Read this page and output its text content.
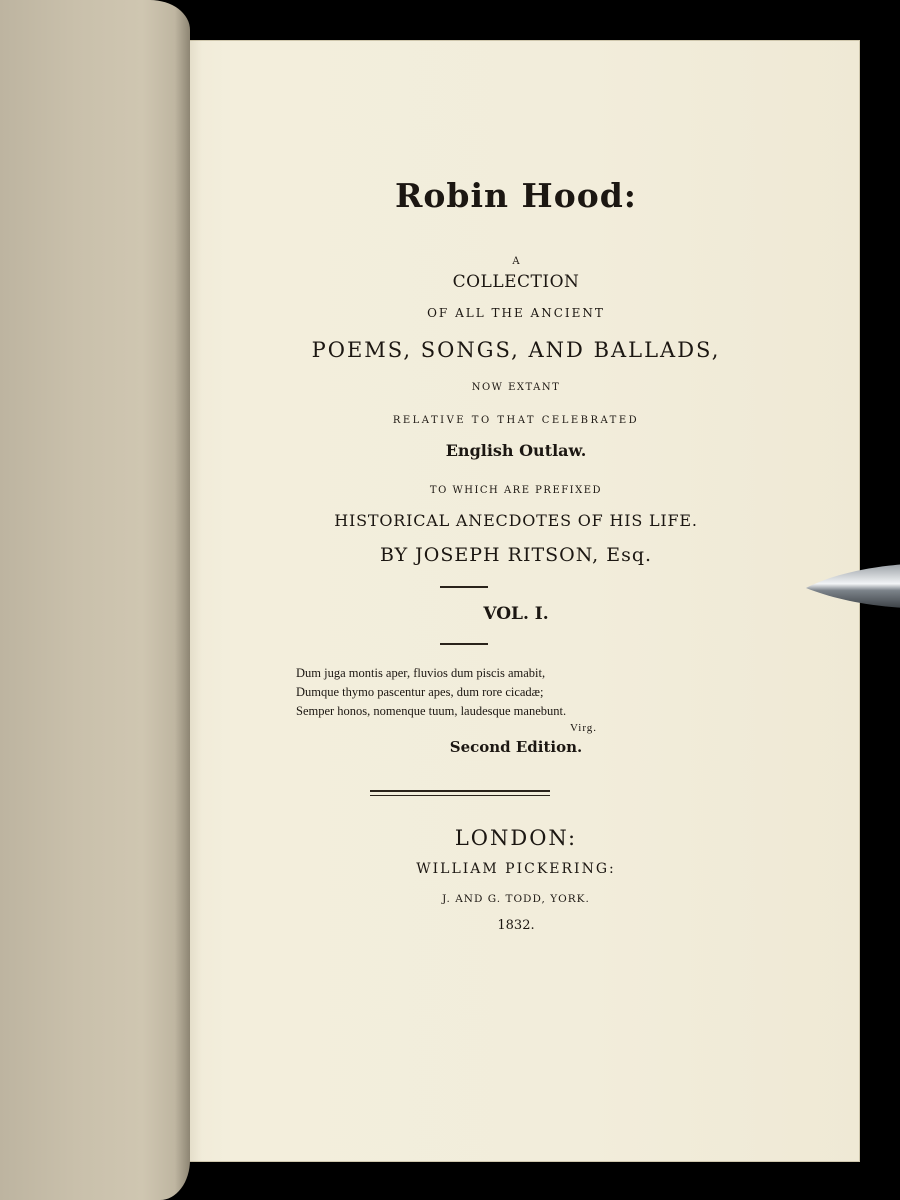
Robin Hood:
A
COLLECTION
OF ALL THE ANCIENT
POEMS, SONGS, AND BALLADS,
NOW EXTANT
RELATIVE TO THAT CELEBRATED
English Outlaw.
TO WHICH ARE PREFIXED
HISTORICAL ANECDOTES OF HIS LIFE.
BY JOSEPH RITSON, Esq.
VOL. I.
Dum juga montis aper, fluvios dum piscis amabit,
Dumque thymo pascentur apes, dum rore cicadæ;
Semper honos, nomenque tuum, laudesque manebunt.
Virg.
Second Edition.
LONDON:
WILLIAM PICKERING:
J. AND G. TODD, YORK.
1832.
